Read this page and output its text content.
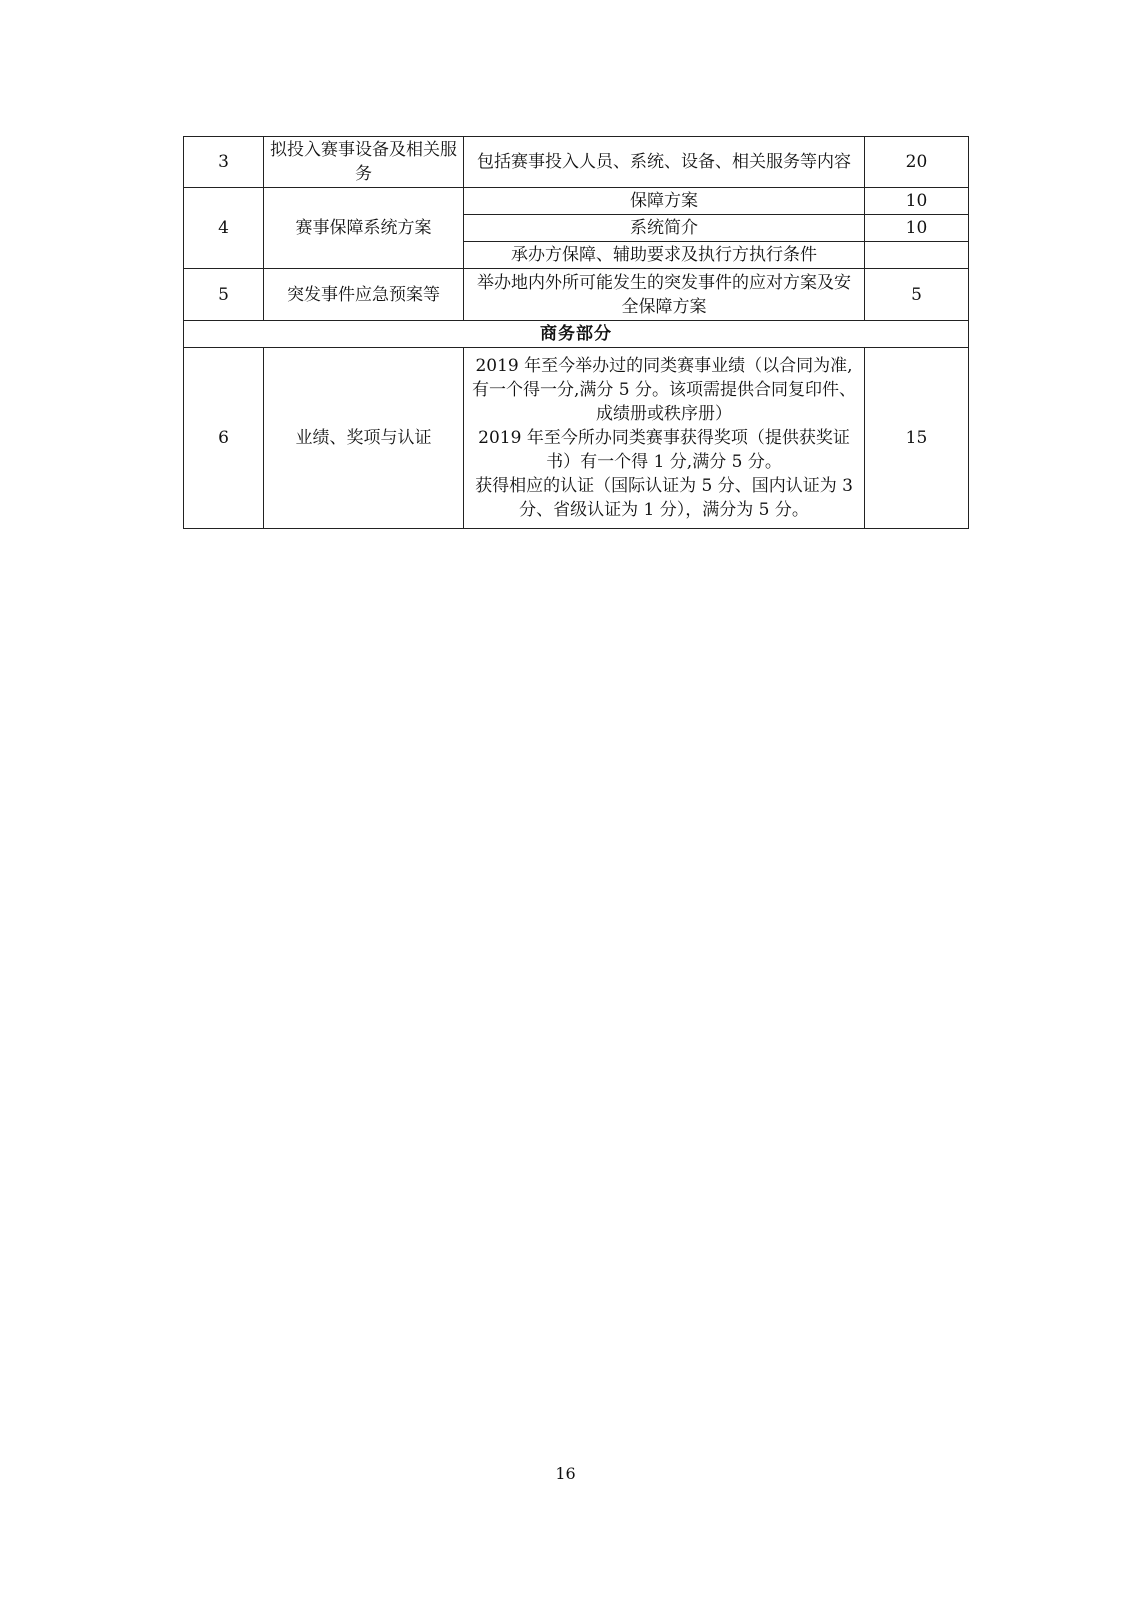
3	拟投入赛事设备及相关服务	包括赛事投入人员、系统、设备、相关服务等内容	20
4	赛事保障系统方案	保障方案	10
		系统简介	10
		承办方保障、辅助要求及执行方执行条件	
5	突发事件应急预案等	举办地内外所可能发生的突发事件的应对方案及安全保障方案	5
商务部分			
6	业绩、奖项与认证	2019 年至今举办过的同类赛事业绩（以合同为准,有一个得一分,满分 5 分。该项需提供合同复印件、成绩册或秩序册）
2019 年至今所办同类赛事获得奖项（提供获奖证书）有一个得 1 分,满分 5 分。
获得相应的认证（国际认证为 5 分、国内认证为 3 分、省级认证为 1 分），满分为 5 分。	15
16
